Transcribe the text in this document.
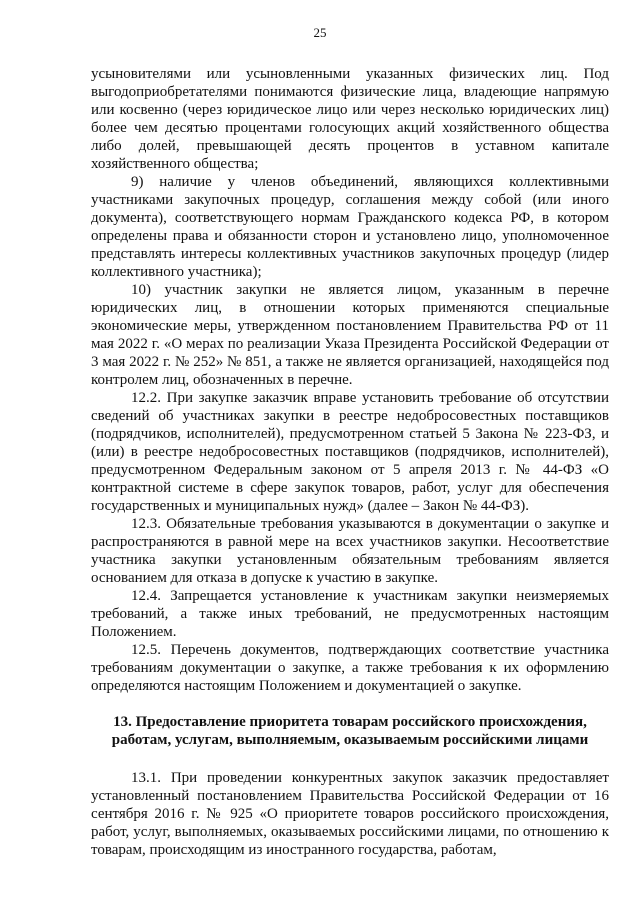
25

усыновителями или усыновленными указанных физических лиц. Под выгодоприобретателями понимаются физические лица, владеющие напрямую или косвенно (через юридическое лицо или через несколько юридических лиц) более чем десятью процентами голосующих акций хозяйственного общества либо долей, превышающей десять процентов в уставном капитале хозяйственного общества;

9) наличие у членов объединений, являющихся коллективными участниками закупочных процедур, соглашения между собой (или иного документа), соответствующего нормам Гражданского кодекса РФ, в котором определены права и обязанности сторон и установлено лицо, уполномоченное представлять интересы коллективных участников закупочных процедур (лидер коллективного участника);

10) участник закупки не является лицом, указанным в перечне юридических лиц, в отношении которых применяются специальные экономические меры, утвержденном постановлением Правительства РФ от 11 мая 2022 г. «О мерах по реализации Указа Президента Российской Федерации от 3 мая 2022 г. № 252» № 851, а также не является организацией, находящейся под контролем лиц, обозначенных в перечне.

12.2. При закупке заказчик вправе установить требование об отсутствии сведений об участниках закупки в реестре недобросовестных поставщиков (подрядчиков, исполнителей), предусмотренном статьей 5 Закона № 223-ФЗ, и (или) в реестре недобросовестных поставщиков (подрядчиков, исполнителей), предусмотренном Федеральным законом от 5 апреля 2013 г. № 44-ФЗ «О контрактной системе в сфере закупок товаров, работ, услуг для обеспечения государственных и муниципальных нужд» (далее – Закон № 44-ФЗ).

12.3. Обязательные требования указываются в документации о закупке и распространяются в равной мере на всех участников закупки. Несоответствие участника закупки установленным обязательным требованиям является основанием для отказа в допуске к участию в закупке.

12.4. Запрещается установление к участникам закупки неизмеряемых требований, а также иных требований, не предусмотренных настоящим Положением.

12.5. Перечень документов, подтверждающих соответствие участника требованиям документации о закупке, а также требования к их оформлению определяются настоящим Положением и документацией о закупке.

13. Предоставление приоритета товарам российского происхождения, работам, услугам, выполняемым, оказываемым российскими лицами

13.1. При проведении конкурентных закупок заказчик предоставляет установленный постановлением Правительства Российской Федерации от 16 сентября 2016 г. № 925 «О приоритете товаров российского происхождения, работ, услуг, выполняемых, оказываемых российскими лицами, по отношению к товарам, происходящим из иностранного государства, работам,
